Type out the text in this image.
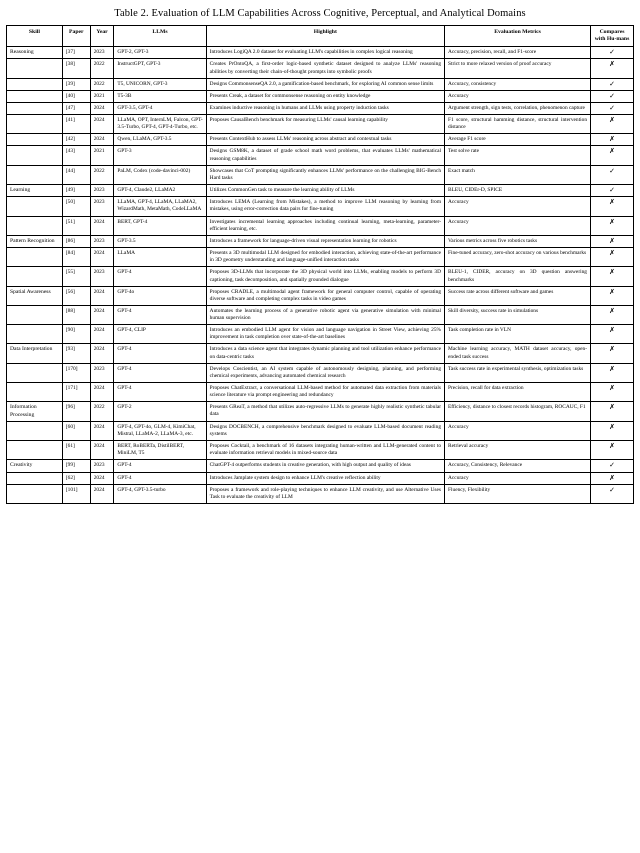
Table 2. Evaluation of LLM Capabilities Across Cognitive, Perceptual, and Analytical Domains
Skill	Paper	Year	LLMs	Highlight	Evaluation Metrics	Compares with Hu-mans
Reasoning	[37]	2023	GPT-2, GPT-3	Introduces LogiQA 2.0 dataset for evaluating LLM's capabilities in complex logical reasoning	Accuracy, precision, recall, and F1-score	✓
	[38]	2022	InstructGPT, GPT-3	Creates PrOntoQA, a first-order logic-based synthetic dataset designed to analyze LLMs' reasoning abilities by converting their chain-of-thought prompts into symbolic proofs	Strict to more relaxed version of proof accuracy	✗
	[39]	2022	T5, UNICORN, GPT-3	Designs CommonsenseQA 2.0, a gamification-based benchmark, for exploring AI common sense limits	Accuracy, consistency	✓
	[40]	2021	T5-3B	Presents Creak, a dataset for commonsense reasoning on entity knowledge	Accuracy	✓
	[47]	2024	GPT-3.5, GPT-4	Examines inductive reasoning in humans and LLMs using property induction tasks	Argument strength, sign tests, correlation, phenomenon capture	✓
	[41]	2024	LLaMA, OPT, InternLM, Falcon, GPT-3.5-Turbo, GPT-4, GPT-4-Turbo, etc.	Proposes CausalBench benchmark for measuring LLMs' causal learning capability	F1 score, structural hamming distance, structural intervention distance	✗
	[42]	2024	Qwen, LLaMA, GPT-3.5	Presents ContextHub to assess LLMs' reasoning across abstract and contextual tasks	Average F1 score	✗
	[43]	2021	GPT-3	Designs GSM8K, a dataset of grade school math word problems, that evaluates LLMs' mathematical reasoning capabilities	Test solve rate	✗
	[44]	2022	PaLM, Codex (code-davinci-002)	Showcases that CoT prompting significantly enhances LLMs' performance on the challenging BIG-Bench Hard tasks	Exact match	✓
Learning	[49]	2023	GPT-4, Claude2, LLaMA2	Utilizes CommonGen task to measure the learning ability of LLMs	BLEU, CIDEr-D, SPICE	✓
	[50]	2023	LLaMA, GPT-4, LLaMA, LLaMA2, WizardMath, MetaMath, CodeLLaMA	Introduces LEMA (Learning from Mistakes), a method to improve LLM reasoning by learning from mistakes, using error-correction data pairs for fine-tuning	Accuracy	✗
	[51]	2024	BERT, GPT-4	Investigates incremental learning approaches including continual learning, meta-learning, parameter-efficient learning, etc.	Accuracy	✗
Pattern Recognition	[86]	2023	GPT-3.5	Introduces a framework for language-driven visual representation learning for robotics	Various metrics across five robotics tasks	✗
	[84]	2024	LLaMA	Presents a 3D multimodal LLM designed for embodied interaction, achieving state-of-the-art performance in 3D geometry understanding and language-unified interaction tasks	Fine-tuned accuracy, zero-shot accuracy on various benchmarks	✗
	[55]	2023	GPT-4	Proposes 3D-LLMs that incorporate the 3D physical world into LLMs, enabling models to perform 3D captioning, task decomposition, and spatially grounded dialogue	BLEU-1, CIDER, accuracy on 3D question answering benchmarks	✗
Spatial Awareness	[56]	2024	GPT-4o	Proposes CRADLE, a multimodal agent framework for general computer control, capable of operating diverse software and completing complex tasks in video games	Success rate across different software and games	✗
	[88]	2024	GPT-4	Automates the learning process of a generative robotic agent via generative simulation with minimal human supervision	Skill diversity, success rate in simulations	✗
	[90]	2024	GPT-4, CLIP	Introduces an embodied LLM agent for vision and language navigation in Street View, achieving 25% improvement in task completion over state-of-the-art baselines	Task completion rate in VLN	✗
Data Interpretation	[93]	2024	GPT-4	Introduces a data science agent that integrates dynamic planning and tool utilization enhance performance on data-centric tasks	Machine learning accuracy, MATH dataset accuracy, open-ended task success	✗
	[170]	2023	GPT-4	Develops Coscientist, an AI system capable of autonomously designing, planning, and performing chemical experiments, advancing automated chemical research	Task success rate in experimental synthesis, optimization tasks	✗
	[171]	2024	GPT-4	Proposes ChatExtract, a conversational LLM-based method for automated data extraction from materials science literature via prompt engineering and redundancy	Precision, recall for data extraction	✗
Information Processing	[96]	2022	GPT-2	Presents GReaT, a method that utilizes auto-regressive LLMs to generate highly realistic synthetic tabular data	Efficiency, distance to closest records histogram, ROCAUC, F1	✗
	[60]	2024	GPT-4, GPT-4o, GLM-4, KimiChat, Mistral, LLaMA-2, LLaMA-3, etc.	Designs DOCBENCH, a comprehensive benchmark designed to evaluate LLM-based document reading systems	Accuracy	✗
	[61]	2024	BERT, RoBERTa, DistilBERT, MiniLM, T5	Proposes Cocktail, a benchmark of 16 datasets integrating human-written and LLM-generated content to evaluate information retrieval models in mixed-source data	Retrieval accuracy	✗
Creativity	[99]	2023	GPT-4	ChatGPT-4 outperforms students in creative generation, with high output and quality of ideas	Accuracy, Consistency, Relevance	✓
	[62]	2024	GPT-4	Introduces Jamplate system design to enhance LLM's creative reflection ability	Accuracy	✗
	[101]	2024	GPT-4, GPT-3.5-turbo	Proposes a framework and role-playing techniques to enhance LLM creativity, and use Alternative Uses Task to evaluate the creativity of LLM	Fluency, Flexibility	✓
